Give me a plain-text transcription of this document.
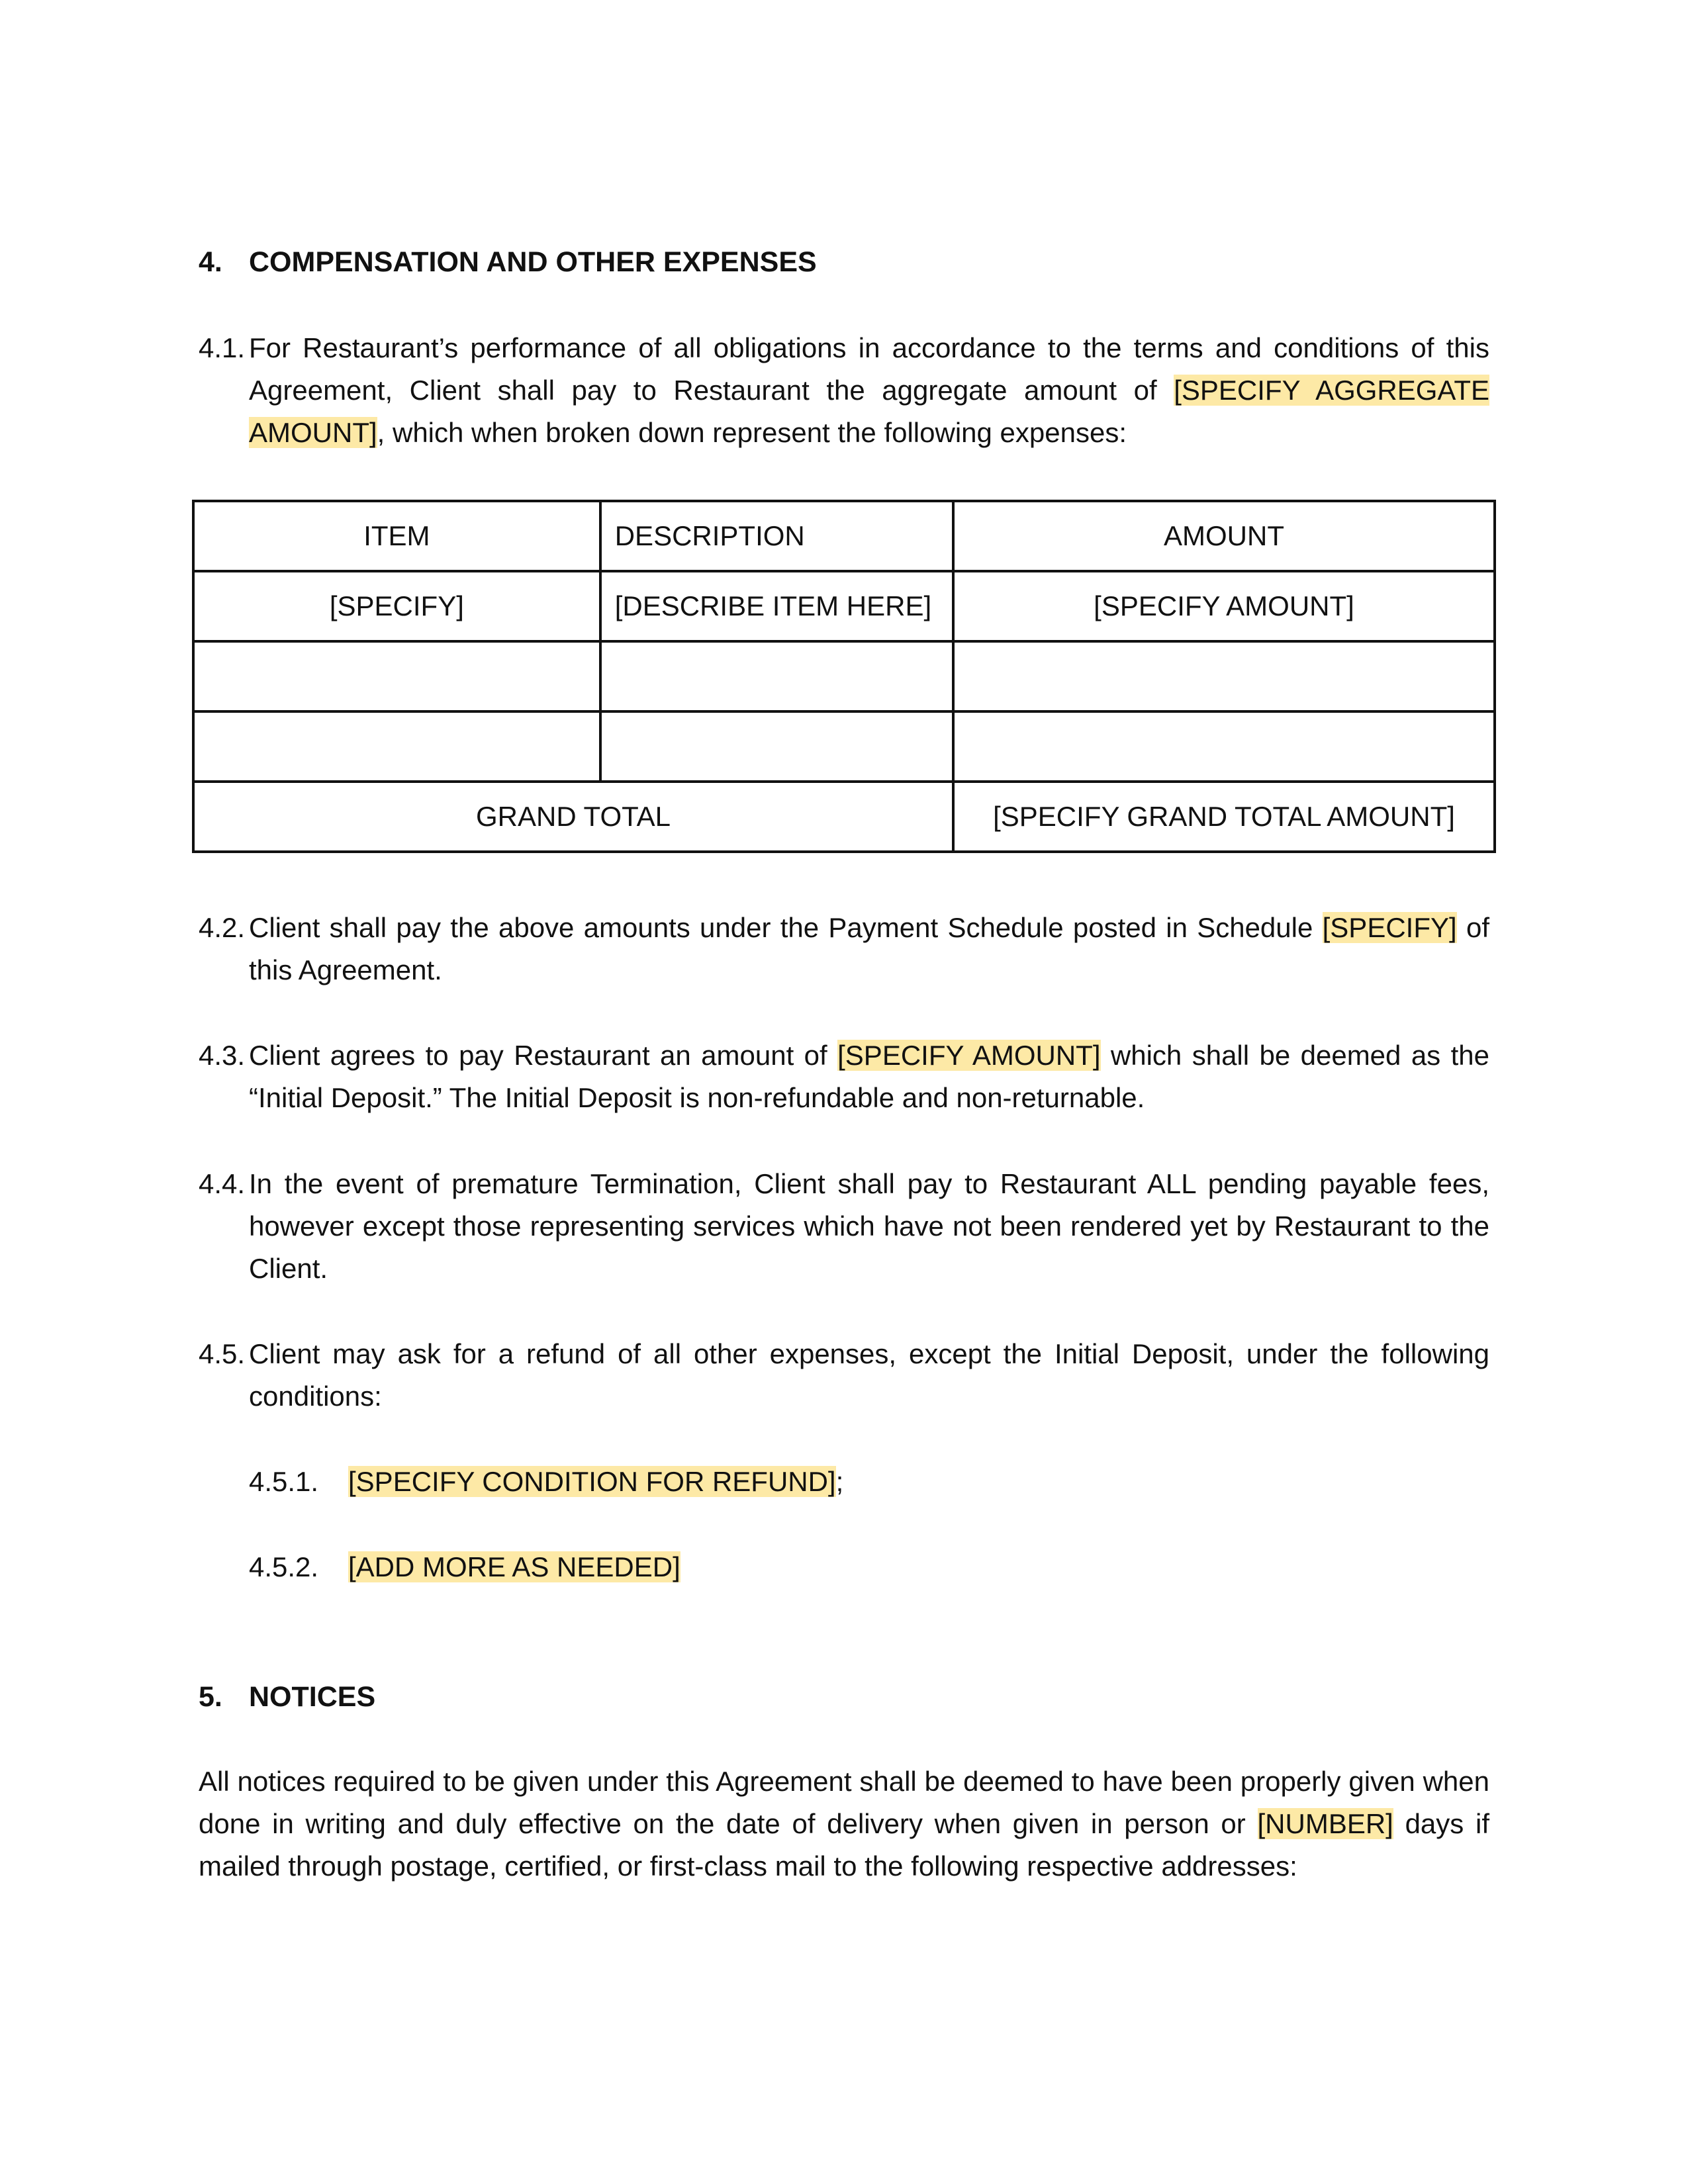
4. COMPENSATION AND OTHER EXPENSES
4.1. For Restaurant’s performance of all obligations in accordance to the terms and conditions of this Agreement, Client shall pay to Restaurant the aggregate amount of [SPECIFY AGGREGATE AMOUNT], which when broken down represent the following expenses:
ITEM	DESCRIPTION	AMOUNT
[SPECIFY]	[DESCRIBE ITEM HERE]	[SPECIFY AMOUNT]

GRAND TOTAL		[SPECIFY GRAND TOTAL AMOUNT]
4.2. Client shall pay the above amounts under the Payment Schedule posted in Schedule [SPECIFY] of this Agreement.
4.3. Client agrees to pay Restaurant an amount of [SPECIFY AMOUNT] which shall be deemed as the “Initial Deposit.” The Initial Deposit is non-refundable and non-returnable.
4.4. In the event of premature Termination, Client shall pay to Restaurant ALL pending payable fees, however except those representing services which have not been rendered yet by Restaurant to the Client.
4.5. Client may ask for a refund of all other expenses, except the Initial Deposit, under the following conditions:
4.5.1. [SPECIFY CONDITION FOR REFUND];
4.5.2. [ADD MORE AS NEEDED]
5. NOTICES
All notices required to be given under this Agreement shall be deemed to have been properly given when done in writing and duly effective on the date of delivery when given in person or [NUMBER] days if mailed through postage, certified, or first-class mail to the following respective addresses:
